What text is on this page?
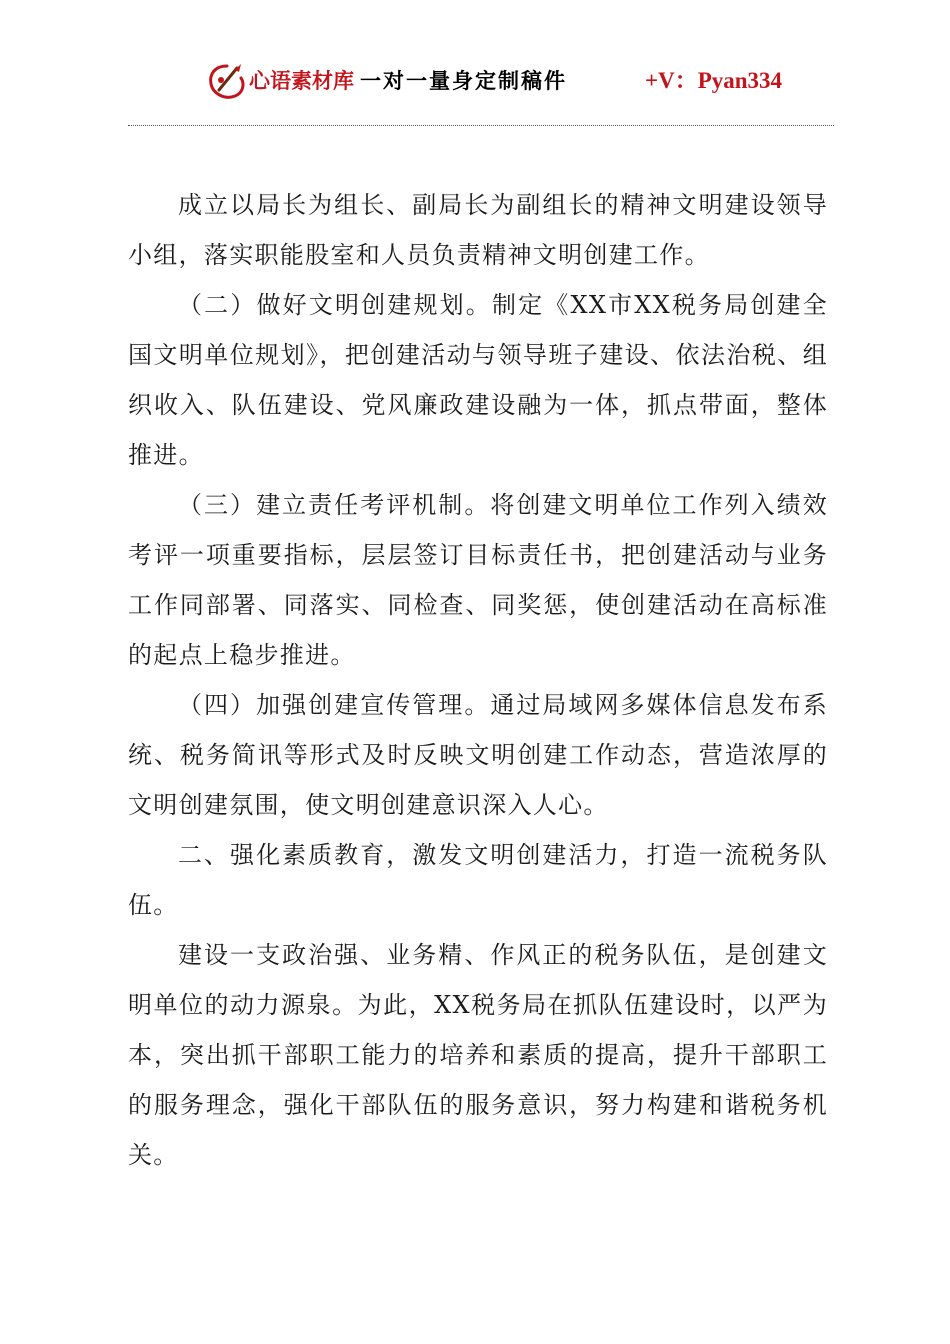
心语素材库 一对一量身定制稿件	+V：Pyan334

成立以局长为组长、副局长为副组长的精神文明建设领导小组，落实职能股室和人员负责精神文明创建工作。

（二）做好文明创建规划。制定《XX市XX税务局创建全国文明单位规划》，把创建活动与领导班子建设、依法治税、组织收入、队伍建设、党风廉政建设融为一体，抓点带面，整体推进。

（三）建立责任考评机制。将创建文明单位工作列入绩效考评一项重要指标，层层签订目标责任书，把创建活动与业务工作同部署、同落实、同检查、同奖惩，使创建活动在高标准的起点上稳步推进。

（四）加强创建宣传管理。通过局域网多媒体信息发布系统、税务简讯等形式及时反映文明创建工作动态，营造浓厚的文明创建氛围，使文明创建意识深入人心。

二、强化素质教育，激发文明创建活力，打造一流税务队伍。

建设一支政治强、业务精、作风正的税务队伍，是创建文明单位的动力源泉。为此，XX税务局在抓队伍建设时，以严为本，突出抓干部职工能力的培养和素质的提高，提升干部职工的服务理念，强化干部队伍的服务意识，努力构建和谐税务机关。
